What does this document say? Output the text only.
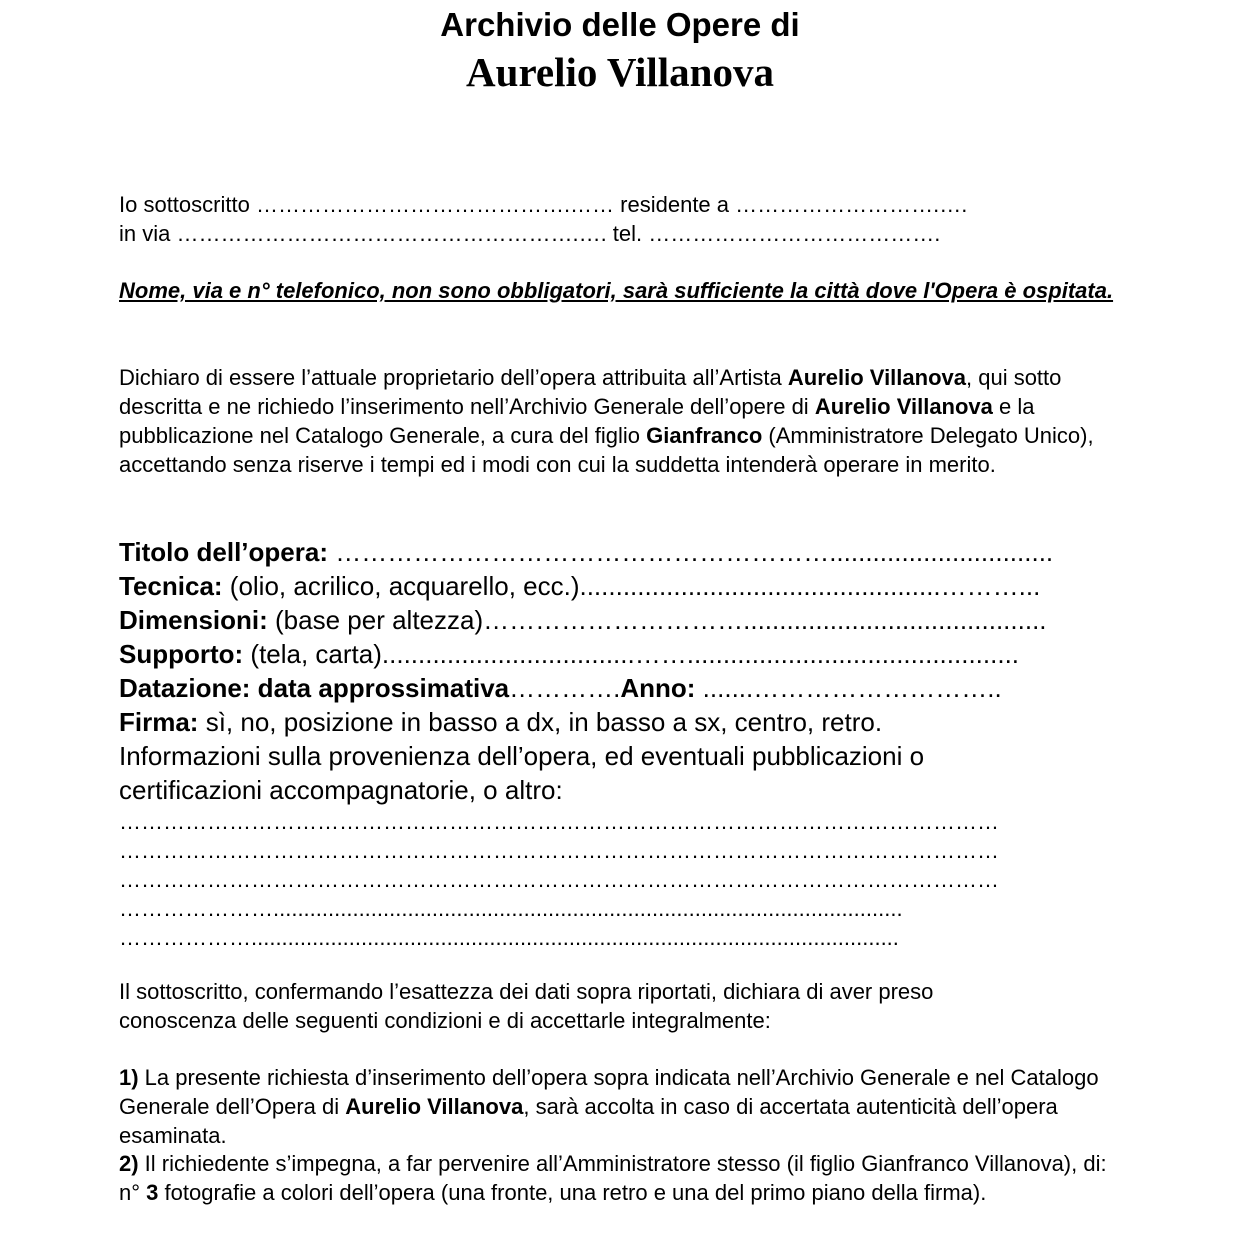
Archivio delle Opere di
Aurelio Villanova
Io sottoscritto …………………………………….…… residente a ……………………….….
in via ……………………………………………….…. tel. ………………………………….
Nome, via e n° telefonico, non sono obbligatori, sarà sufficiente la città dove l'Opera è ospitata.
Dichiaro di essere l’attuale proprietario dell’opera attribuita all’Artista Aurelio Villanova, qui sotto descritta e ne richiedo l’inserimento nell’Archivio Generale dell’opere di Aurelio Villanova e la pubblicazione nel Catalogo Generale, a cura del figlio Gianfranco (Amministratore Delegato Unico), accettando senza riserve i tempi ed i modi con cui la suddetta intenderà operare in merito.
Titolo dell’opera: …………………………………………………...............................
Tecnica: (olio, acrilico, acquarello, ecc.)..................................................………...
Dimensioni: (base per altezza)…………………………..........................................
Supporto: (tela, carta)...................................……..............................................
Datazione: data approssimativa………….Anno: .......………………………..
Firma: sì, no, posizione in basso a dx, in basso a sx, centro, retro.
Informazioni sulla provenienza dell’opera, ed eventuali pubblicazioni o
certificazioni accompagnatorie, o altro:
…………………………………………………………………………………………………………
…………………………………………………………………………………………………………
…………………………………………………………………………………………………………
………………….......................................................................................................
………………..........................................................................................................
Il sottoscritto, confermando l’esattezza dei dati sopra riportati, dichiara di aver preso
conoscenza delle seguenti condizioni e di accettarle integralmente:
1) La presente richiesta d’inserimento dell’opera sopra indicata nell’Archivio Generale e nel Catalogo Generale dell’Opera di Aurelio Villanova, sarà accolta in caso di accertata autenticità dell’opera esaminata.
2) Il richiedente s’impegna, a far pervenire all’Amministratore stesso (il figlio Gianfranco Villanova), di: n° 3 fotografie a colori dell’opera (una fronte, una retro e una del primo piano della firma).
